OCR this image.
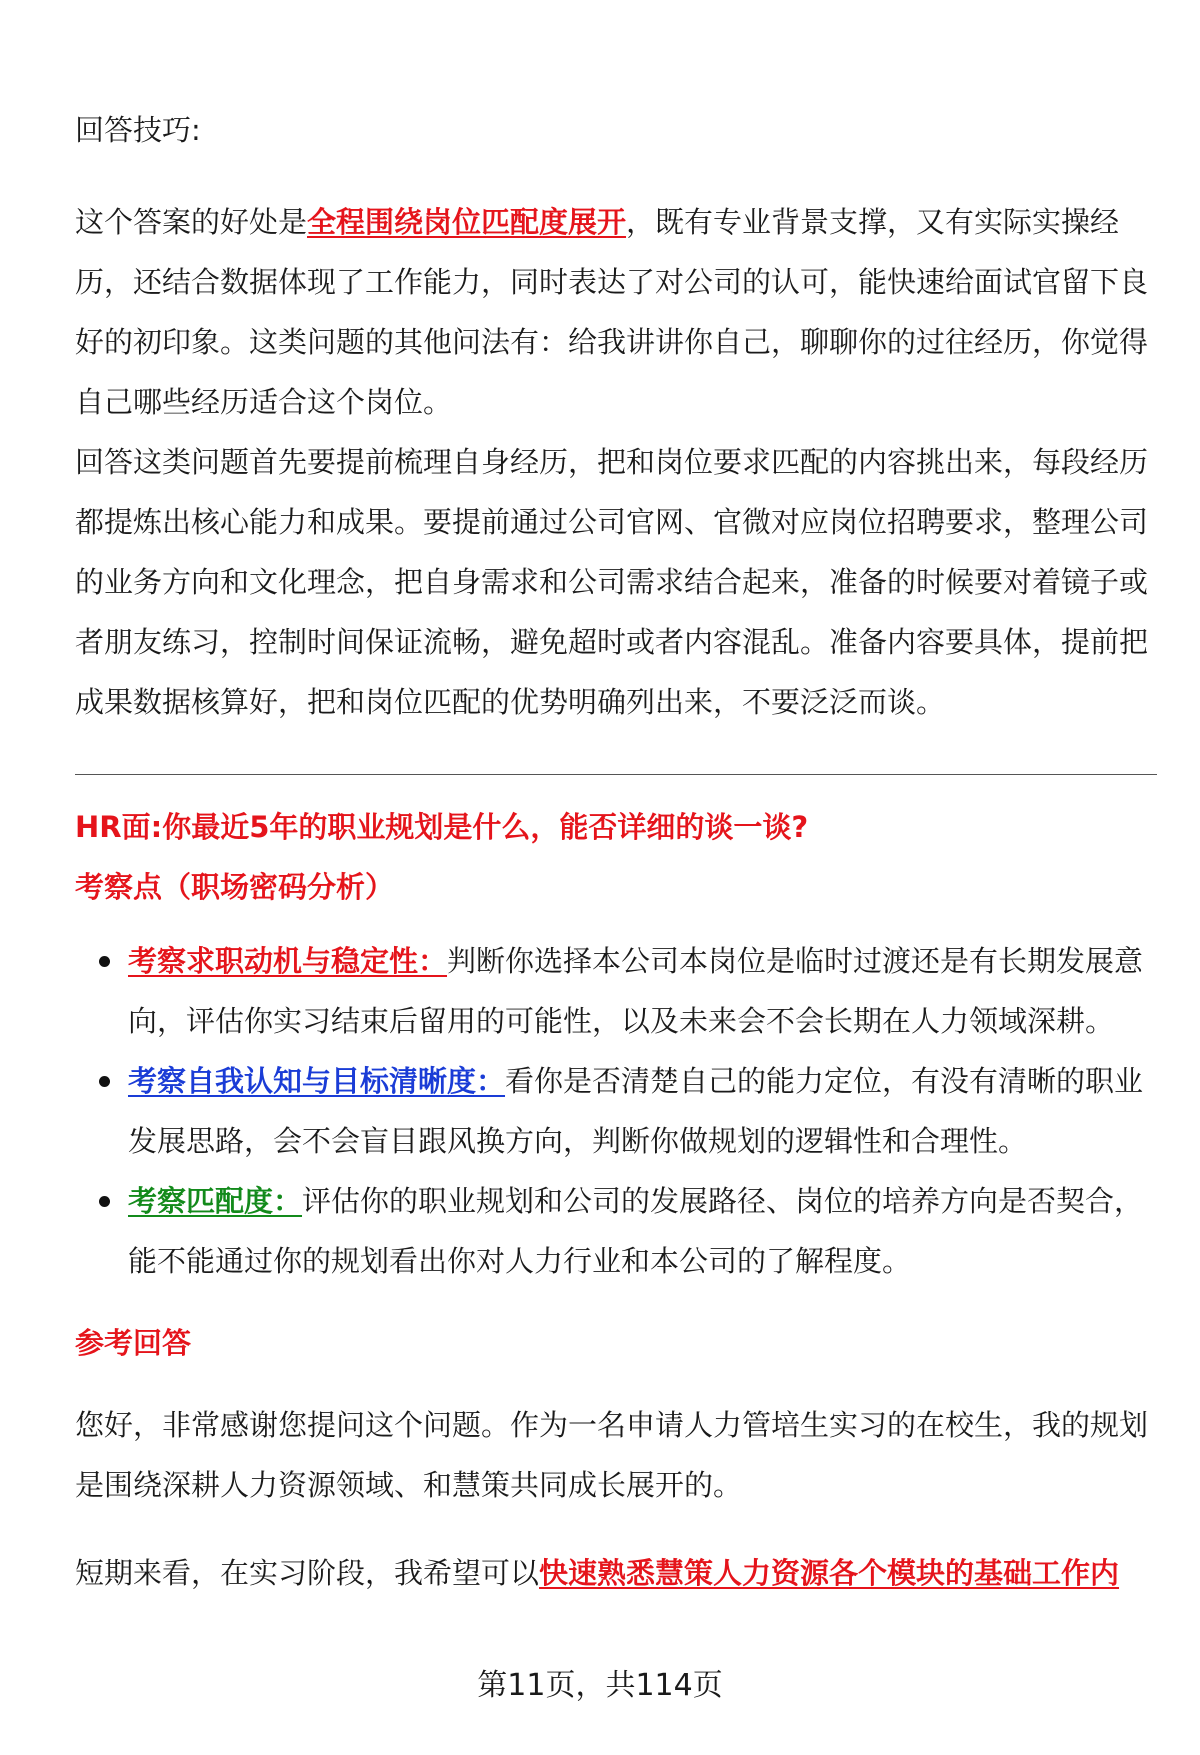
回答技巧:

这个答案的好处是全程围绕岗位匹配度展开，既有专业背景支撑，又有实际实操经历，还结合数据体现了工作能力，同时表达了对公司的认可，能快速给面试官留下良好的初印象。这类问题的其他问法有：给我讲讲你自己，聊聊你的过往经历，你觉得自己哪些经历适合这个岗位。

回答这类问题首先要提前梳理自身经历，把和岗位要求匹配的内容挑出来，每段经历都提炼出核心能力和成果。要提前通过公司官网、官微对应岗位招聘要求，整理公司的业务方向和文化理念，把自身需求和公司需求结合起来，准备的时候要对着镜子或者朋友练习，控制时间保证流畅，避免超时或者内容混乱。准备内容要具体，提前把成果数据核算好，把和岗位匹配的优势明确列出来，不要泛泛而谈。

HR面:你最近5年的职业规划是什么，能否详细的谈一谈?
考察点（职场密码分析）
考察求职动机与稳定性：判断你选择本公司本岗位是临时过渡还是有长期发展意向，评估你实习结束后留用的可能性，以及未来会不会长期在人力领域深耕。
考察自我认知与目标清晰度：看你是否清楚自己的能力定位，有没有清晰的职业发展思路，会不会盲目跟风换方向，判断你做规划的逻辑性和合理性。
考察匹配度：评估你的职业规划和公司的发展路径、岗位的培养方向是否契合，能不能通过你的规划看出你对人力行业和本公司的了解程度。
参考回答

您好，非常感谢您提问这个问题。作为一名申请人力管培生实习的在校生，我的规划是围绕深耕人力资源领域、和慧策共同成长展开的。

短期来看，在实习阶段，我希望可以快速熟悉慧策人力资源各个模块的基础工作内

第11页，共114页
